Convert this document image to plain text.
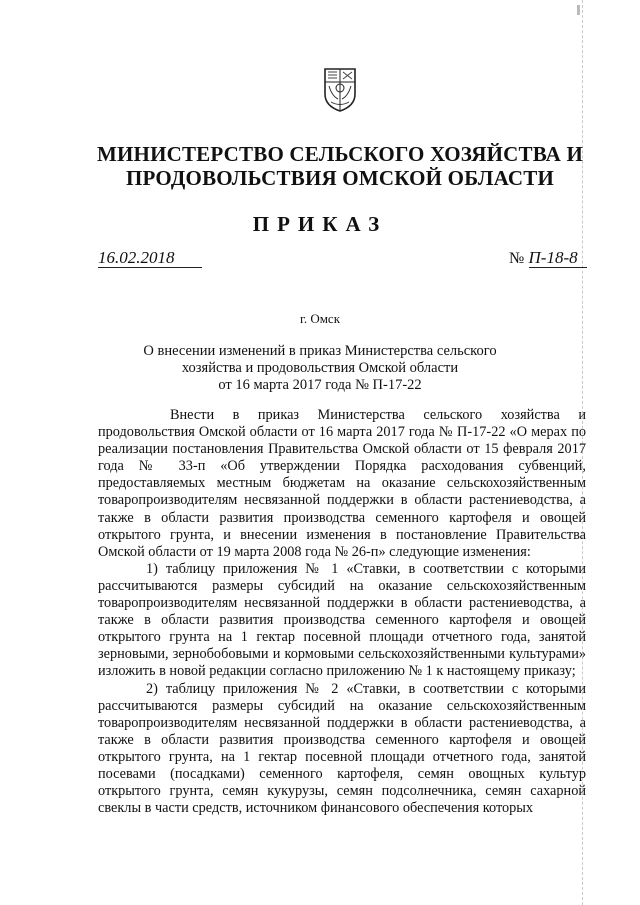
МИНИСТЕРСТВО СЕЛЬСКОГО ХОЗЯЙСТВА И
ПРОДОВОЛЬСТВИЯ ОМСКОЙ ОБЛАСТИ
ПРИКАЗ
16.02.2018	№ П-18-8
г. Омск
О внесении изменений в приказ Министерства сельского
хозяйства и продовольствия Омской области
от 16 марта 2017 года № П-17-22

Внести в приказ Министерства сельского хозяйства и продовольствия Омской области от 16 марта 2017 года № П-17-22 «О мерах по реализации постановления Правительства Омской области от 15 февраля 2017 года № 33-п «Об утверждении Порядка расходования субвенций, предоставляемых местным бюджетам на оказание сельскохозяйственным товаропроизводителям несвязанной поддержки в области растениеводства, а также в области развития производства семенного картофеля и овощей открытого грунта, и внесении изменения в постановление Правительства Омской области от 19 марта 2008 года № 26-п» следующие изменения:

1) таблицу приложения № 1 «Ставки, в соответствии с которыми рассчитываются размеры субсидий на оказание сельскохозяйственным товаропроизводителям несвязанной поддержки в области растениеводства, а также в области развития производства семенного картофеля и овощей открытого грунта на 1 гектар посевной площади отчетного года, занятой зерновыми, зернобобовыми и кормовыми сельскохозяйственными культурами» изложить в новой редакции согласно приложению № 1 к настоящему приказу;

2) таблицу приложения № 2 «Ставки, в соответствии с которыми рассчитываются размеры субсидий на оказание сельскохозяйственным товаропроизводителям несвязанной поддержки в области растениеводства, а также в области развития производства семенного картофеля и овощей открытого грунта, на 1 гектар посевной площади отчетного года, занятой посевами (посадками) семенного картофеля, семян овощных культур открытого грунта, семян кукурузы, семян подсолнечника, семян сахарной свеклы в части средств, источником финансового обеспечения которых
